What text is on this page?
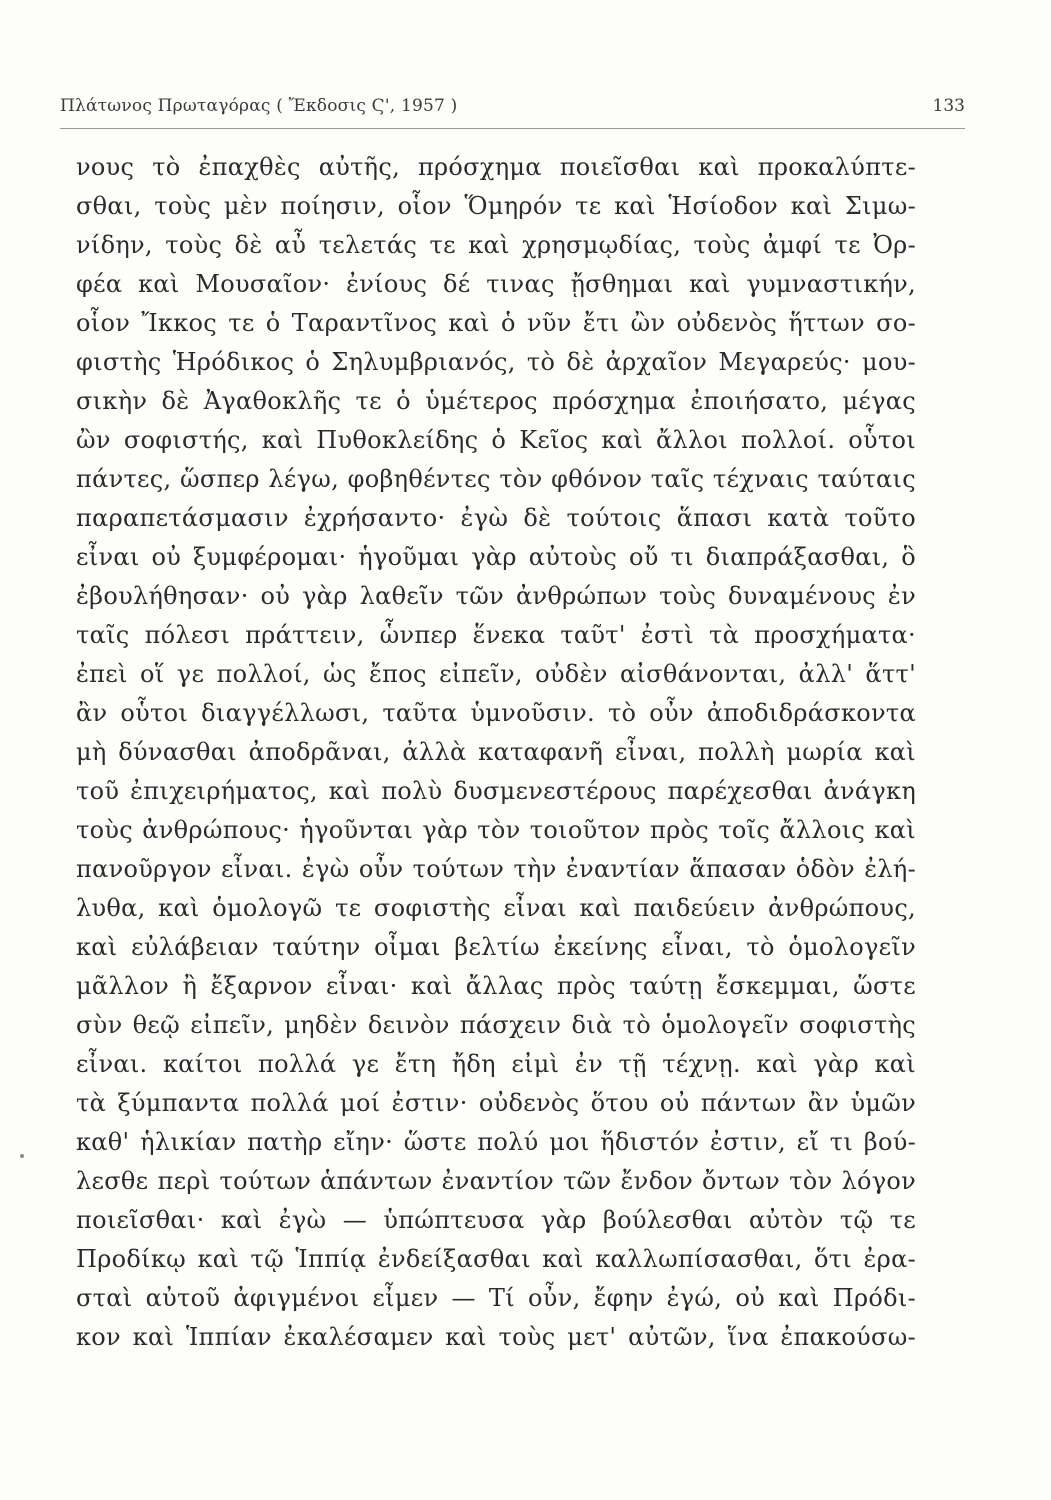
Πλάτωνος Πρωταγόρας ( Ἔκδοσις Ϛ', 1957 )	133
νους τὸ ἐπαχθὲς αὐτῆς, πρόσχημα ποιεῖσθαι καὶ προκαλύπτε-
σθαι, τοὺς μὲν ποίησιν, οἷον Ὅμηρόν τε καὶ Ἡσίοδον καὶ Σιμω-
νίδην, τοὺς δὲ αὖ τελετάς τε καὶ χρησμῳδίας, τοὺς ἀμφί τε Ὀρ-
φέα καὶ Μουσαῖον· ἐνίους δέ τινας ᾔσθημαι καὶ γυμναστικήν,
οἷον Ἴκκος τε ὁ Ταραντῖνος καὶ ὁ νῦν ἔτι ὢν οὐδενὸς ἥττων σο-
φιστὴς Ἡρόδικος ὁ Σηλυμβριανός, τὸ δὲ ἀρχαῖον Μεγαρεύς· μου-
σικὴν δὲ Ἀγαθοκλῆς τε ὁ ὑμέτερος πρόσχημα ἐποιήσατο, μέγας
ὢν σοφιστής, καὶ Πυθοκλείδης ὁ Κεῖος καὶ ἄλλοι πολλοί. οὗτοι
πάντες, ὥσπερ λέγω, φοβηθέντες τὸν φθόνον ταῖς τέχναις ταύταις
παραπετάσμασιν ἐχρήσαντο· ἐγὼ δὲ τούτοις ἅπασι κατὰ τοῦτο
εἶναι οὐ ξυμφέρομαι· ἡγοῦμαι γὰρ αὐτοὺς οὔ τι διαπράξασθαι, ὃ
ἐβουλήθησαν· οὐ γὰρ λαθεῖν τῶν ἀνθρώπων τοὺς δυναμένους ἐν
ταῖς πόλεσι πράττειν, ὧνπερ ἕνεκα ταῦτ' ἐστὶ τὰ προσχήματα·
ἐπεὶ οἵ γε πολλοί, ὡς ἔπος εἰπεῖν, οὐδὲν αἰσθάνονται, ἀλλ' ἅττ'
ἂν οὗτοι διαγγέλλωσι, ταῦτα ὑμνοῦσιν. τὸ οὖν ἀποδιδράσκοντα
μὴ δύνασθαι ἀποδρᾶναι, ἀλλὰ καταφανῆ εἶναι, πολλὴ μωρία καὶ
τοῦ ἐπιχειρήματος, καὶ πολὺ δυσμενεστέρους παρέχεσθαι ἀνάγκη
τοὺς ἀνθρώπους· ἡγοῦνται γὰρ τὸν τοιοῦτον πρὸς τοῖς ἄλλοις καὶ
πανοῦργον εἶναι. ἐγὼ οὖν τούτων τὴν ἐναντίαν ἅπασαν ὁδὸν ἐλή-
λυθα, καὶ ὁμολογῶ τε σοφιστὴς εἶναι καὶ παιδεύειν ἀνθρώπους,
καὶ εὐλάβειαν ταύτην οἶμαι βελτίω ἐκείνης εἶναι, τὸ ὁμολογεῖν
μᾶλλον ἢ ἔξαρνον εἶναι· καὶ ἄλλας πρὸς ταύτῃ ἔσκεμμαι, ὥστε
σὺν θεῷ εἰπεῖν, μηδὲν δεινὸν πάσχειν διὰ τὸ ὁμολογεῖν σοφιστὴς
εἶναι. καίτοι πολλά γε ἔτη ἤδη εἰμὶ ἐν τῇ τέχνῃ. καὶ γὰρ καὶ
τὰ ξύμπαντα πολλά μοί ἐστιν· οὐδενὸς ὅτου οὐ πάντων ἂν ὑμῶν
καθ' ἡλικίαν πατὴρ εἴην· ὥστε πολύ μοι ἥδιστόν ἐστιν, εἴ τι βού-
λεσθε περὶ τούτων ἁπάντων ἐναντίον τῶν ἔνδον ὄντων τὸν λόγον
ποιεῖσθαι· καὶ ἐγὼ — ὑπώπτευσα γὰρ βούλεσθαι αὐτὸν τῷ τε
Προδίκῳ καὶ τῷ Ἱππίᾳ ἐνδείξασθαι καὶ καλλωπίσασθαι, ὅτι ἐρα-
σταὶ αὐτοῦ ἀφιγμένοι εἶμεν — Τί οὖν, ἔφην ἐγώ, οὐ καὶ Πρόδι-
κον καὶ Ἱππίαν ἐκαλέσαμεν καὶ τοὺς μετ' αὐτῶν, ἵνα ἐπακούσω-
